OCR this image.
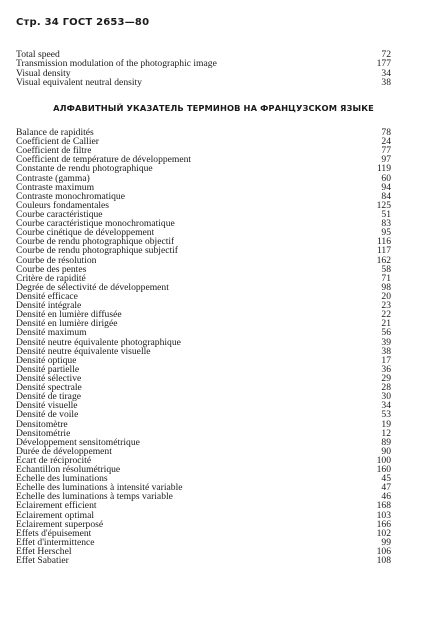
Стр. 34 ГОСТ 2653—80
Total speed	72
Transmission modulation of the photographic image	177
Visual density	34
Visual equivalent neutral density	38
АЛФАВИТНЫЙ УКАЗАТЕЛЬ ТЕРМИНОВ НА ФРАНЦУЗСКОМ ЯЗЫКЕ
Balance de rapidités	78
Coefficient de Callier	24
Coefficient de filtre	77
Coefficient de température de développement	97
Constante de rendu photographique	119
Contraste (gamma)	60
Contraste maximum	94
Contraste monochromatique	84
Couleurs fondamentales	125
Courbe caractéristique	51
Courbe caractéristique monochromatique	83
Courbe cinétique de développement	95
Courbe de rendu photographique objectif	116
Courbe de rendu photographique subjectif	117
Courbe de résolution	162
Courbe des pentes	58
Critère de rapidité	71
Degrée de sélectivité de développement	98
Densité efficace	20
Densité intégrale	23
Densité en lumière diffusée	22
Densité en lumière dirigée	21
Densité maximum	56
Densité neutre équivalente photographique	39
Densité neutre équivalente visuelle	38
Densité optique	17
Densité partielle	36
Densité sélective	29
Densité spectrale	28
Densité de tirage	30
Densité visuelle	34
Densité de voile	53
Densitomètre	19
Densitométrie	12
Développement sensitométrique	89
Durée de développement	90
Ecart de réciprocité	100
Echantillon résolumétrique	160
Echelle des luminations	45
Echelle des luminations à intensité variable	47
Echelle des luminations à temps variable	46
Eclairement efficient	168
Eclairement optimal	103
Eclairement superposé	166
Effets d'épuisement	102
Effet d'intermittence	99
Effet Herschel	106
Effet Sabatier	108
